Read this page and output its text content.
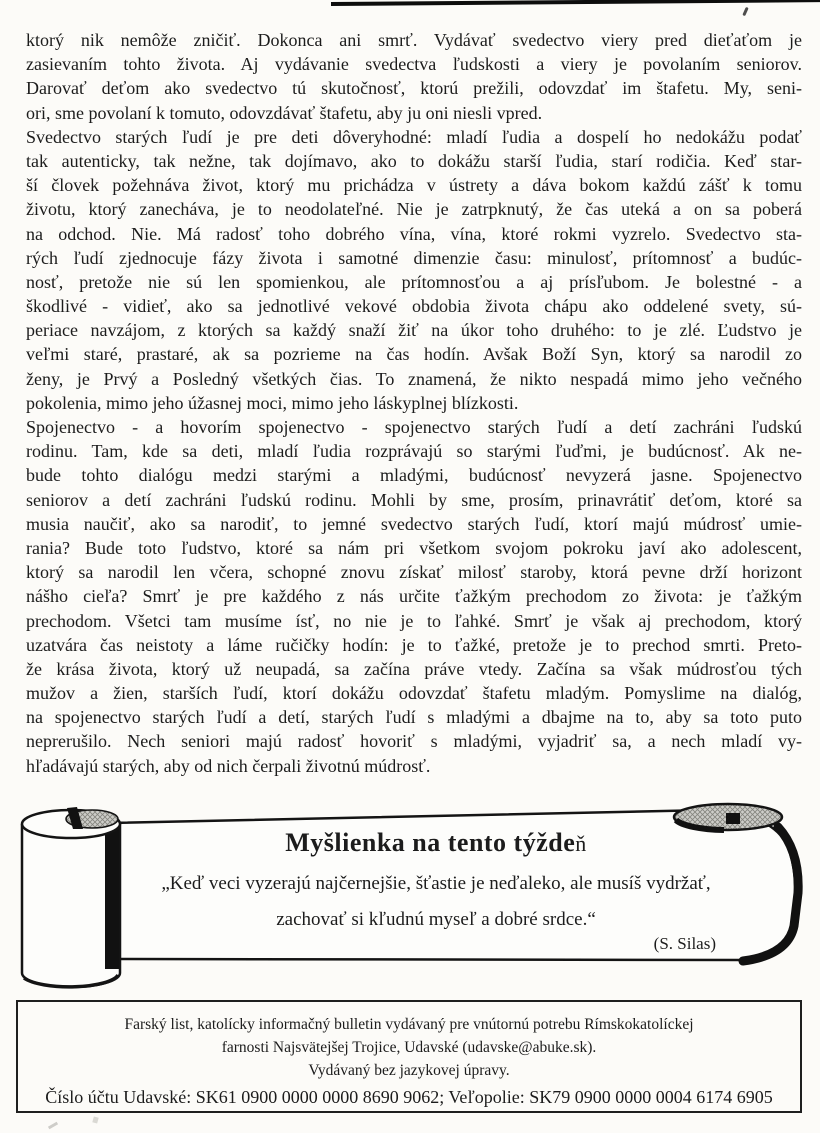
ktorý nik nemôže zničiť. Dokonca ani smrť. Vydávať svedectvo viery pred dieťaťom je
zasievaním tohto života. Aj vydávanie svedectva ľudskosti a viery je povolaním seniorov.
Darovať deťom ako svedectvo tú skutočnosť, ktorú prežili, odovzdať im štafetu. My, seni-
ori, sme povolaní k tomuto, odovzdávať štafetu, aby ju oni niesli vpred.
Svedectvo starých ľudí je pre deti dôveryhodné: mladí ľudia a dospelí ho nedokážu podať
tak autenticky, tak nežne, tak dojímavo, ako to dokážu starší ľudia, starí rodičia. Keď star-
ší človek požehnáva život, ktorý mu prichádza v ústrety a dáva bokom každú zášť k tomu
životu, ktorý zanecháva, je to neodolateľné. Nie je zatrpknutý, že čas uteká a on sa poberá
na odchod. Nie. Má radosť toho dobrého vína, vína, ktoré rokmi vyzrelo. Svedectvo sta-
rých ľudí zjednocuje fázy života i samotné dimenzie času: minulosť, prítomnosť a budúc-
nosť, pretože nie sú len spomienkou, ale prítomnosťou a aj prísľubom. Je bolestné - a
škodlivé - vidieť, ako sa jednotlivé vekové obdobia života chápu ako oddelené svety, sú-
periace navzájom, z ktorých sa každý snaží žiť na úkor toho druhého: to je zlé. Ľudstvo je
veľmi staré, prastaré, ak sa pozrieme na čas hodín. Avšak Boží Syn, ktorý sa narodil zo
ženy, je Prvý a Posledný všetkých čias. To znamená, že nikto nespadá mimo jeho večného
pokolenia, mimo jeho úžasnej moci, mimo jeho láskyplnej blízkosti.
Spojenectvo - a hovorím spojenectvo - spojenectvo starých ľudí a detí zachráni ľudskú
rodinu. Tam, kde sa deti, mladí ľudia rozprávajú so starými ľuďmi, je budúcnosť. Ak ne-
bude tohto dialógu medzi starými a mladými, budúcnosť nevyzerá jasne. Spojenectvo
seniorov a detí zachráni ľudskú rodinu. Mohli by sme, prosím, prinavrátiť deťom, ktoré sa
musia naučiť, ako sa narodiť, to jemné svedectvo starých ľudí, ktorí majú múdrosť umie-
rania? Bude toto ľudstvo, ktoré sa nám pri všetkom svojom pokroku javí ako adolescent,
ktorý sa narodil len včera, schopné znovu získať milosť staroby, ktorá pevne drží horizont
nášho cieľa? Smrť je pre každého z nás určite ťažkým prechodom zo života: je ťažkým
prechodom. Všetci tam musíme ísť, no nie je to ľahké. Smrť je však aj prechodom, ktorý
uzatvára čas neistoty a láme ručičky hodín: je to ťažké, pretože je to prechod smrti. Preto-
že krása života, ktorý už neupadá, sa začína práve vtedy. Začína sa však múdrosťou tých
mužov a žien, starších ľudí, ktorí dokážu odovzdať štafetu mladým. Pomyslime na dialóg,
na spojenectvo starých ľudí a detí, starých ľudí s mladými a dbajme na to, aby sa toto puto
neprerušilo. Nech seniori majú radosť hovoriť s mladými, vyjadriť sa, a nech mladí vy-
hľadávajú starých, aby od nich čerpali životnú múdrosť.
Myšlienka na tento týždeň
„Keď veci vyzerajú najčernejšie, šťastie je neďaleko, ale musíš vydržať,
zachovať si kľudnú myseľ a dobré srdce.“
(S. Silas)
Farský list, katolícky informačný bulletin vydávaný pre vnútornú potrebu Rímskokatolíckej
farnosti Najsvätejšej Trojice, Udavské (udavske@abuke.sk).
Vydávaný bez jazykovej úpravy.
Číslo účtu Udavské: SK61 0900 0000 0000 8690 9062; Veľopolie: SK79 0900 0000 0004 6174 6905
